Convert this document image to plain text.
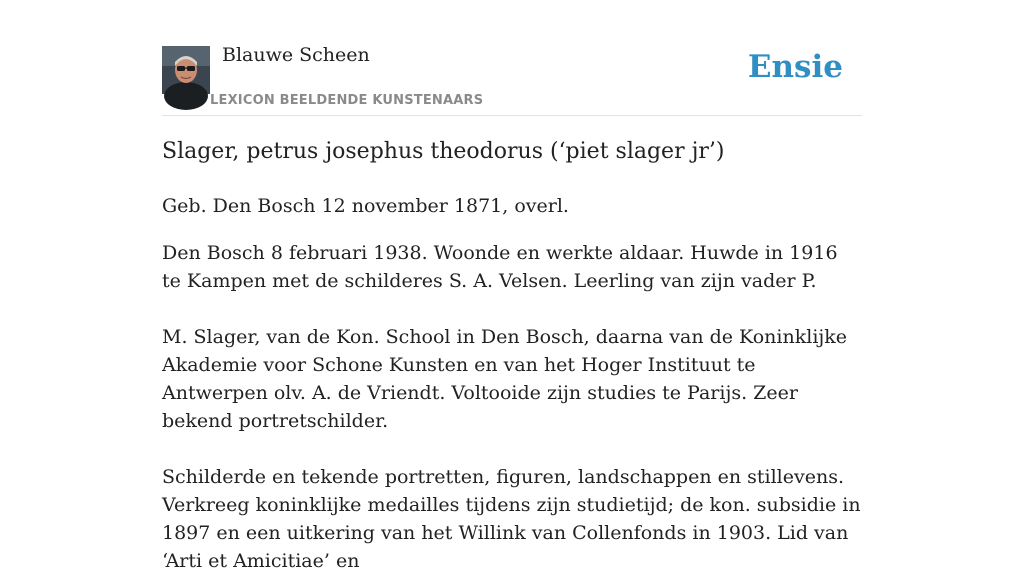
Blauwe Scheen
LEXICON BEELDENDE KUNSTENAARS
Ensie
Slager, petrus josephus theodorus (‘piet slager jr’)

Geb. Den Bosch 12 november 1871, overl.

Den Bosch 8 februari 1938. Woonde en werkte aldaar. Huwde in 1916 te Kampen met de schilderes S. A. Velsen. Leerling van zijn vader P.

M. Slager, van de Kon. School in Den Bosch, daarna van de Koninklijke Akademie voor Schone Kunsten en van het Hoger Instituut te Antwerpen olv. A. de Vriendt. Voltooide zijn studies te Parijs. Zeer bekend portretschilder.

Schilderde en tekende portretten, figuren, landschappen en stillevens. Verkreeg koninklijke medailles tijdens zijn studietijd; de kon. subsidie in 1897 en een uitkering van het Willink van Collenfonds in 1903. Lid van ‘Arti et Amicitiae’ en
